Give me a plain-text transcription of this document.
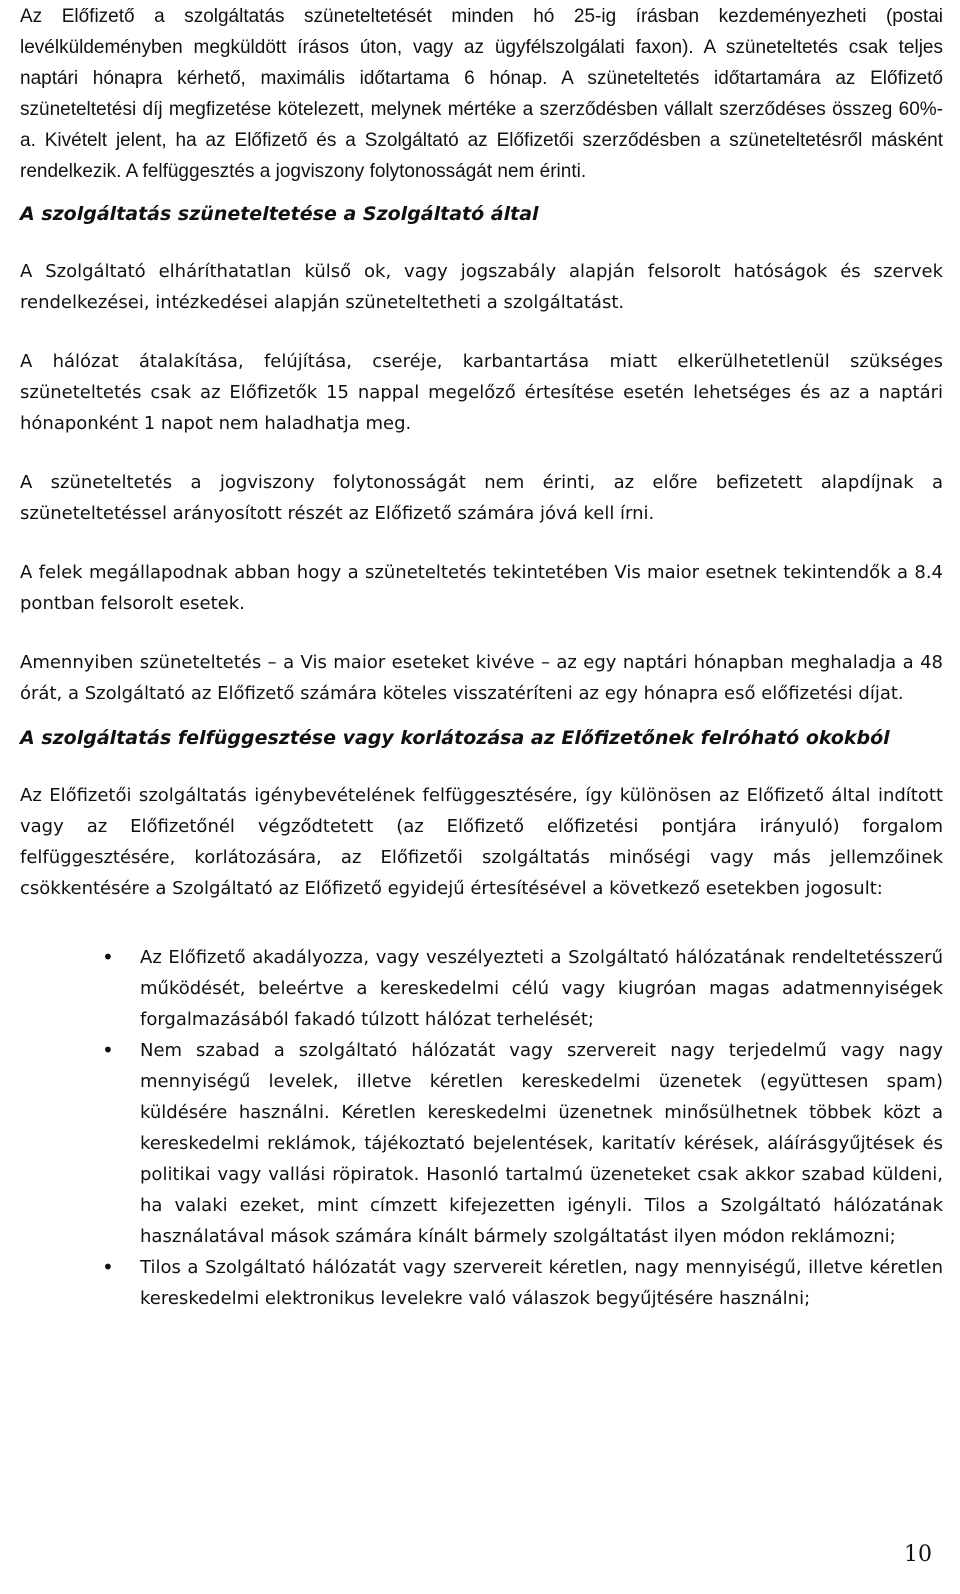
Az Előfizető a szolgáltatás szüneteltetését minden hó 25-ig írásban kezdeményezheti (postai levélküldeményben megküldött írásos úton, vagy az ügyfélszolgálati faxon). A szüneteltetés csak teljes naptári hónapra kérhető, maximális időtartama 6 hónap. A szüneteltetés időtartamára az Előfizető szüneteltetési díj megfizetése kötelezett, melynek mértéke a szerződésben vállalt szerződéses összeg 60%-a. Kivételt jelent, ha az Előfizető és a Szolgáltató az Előfizetői szerződésben a szüneteltetésről másként rendelkezik. A felfüggesztés a jogviszony folytonosságát nem érinti.

A szolgáltatás szüneteltetése a Szolgáltató által

A Szolgáltató elháríthatatlan külső ok, vagy jogszabály alapján felsorolt hatóságok és szervek rendelkezései, intézkedései alapján szüneteltetheti a szolgáltatást.

A hálózat átalakítása, felújítása, cseréje, karbantartása miatt elkerülhetetlenül szükséges szüneteltetés csak az Előfizetők 15 nappal megelőző értesítése esetén lehetséges és az a naptári hónaponként 1 napot nem haladhatja meg.

A szüneteltetés a jogviszony folytonosságát nem érinti, az előre befizetett alapdíjnak a szüneteltetéssel arányosított részét az Előfizető számára jóvá kell írni.

A felek megállapodnak abban hogy a szüneteltetés tekintetében Vis maior esetnek tekintendők a 8.4 pontban felsorolt esetek.

Amennyiben szüneteltetés – a Vis maior eseteket kivéve – az egy naptári hónapban meghaladja a 48 órát, a Szolgáltató az Előfizető számára köteles visszatéríteni az egy hónapra eső előfizetési díjat.

A szolgáltatás felfüggesztése vagy korlátozása az Előfizetőnek felróható okokból

Az Előfizetői szolgáltatás igénybevételének felfüggesztésére, így különösen az Előfizető által indított vagy az Előfizetőnél végződtetett (az Előfizető előfizetési pontjára irányuló) forgalom felfüggesztésére, korlátozására, az Előfizetői szolgáltatás minőségi vagy más jellemzőinek csökkentésére a Szolgáltató az Előfizető egyidejű értesítésével a következő esetekben jogosult:

• Az Előfizető akadályozza, vagy veszélyezteti a Szolgáltató hálózatának rendeltetésszerű működését, beleértve a kereskedelmi célú vagy kiugróan magas adatmennyiségek forgalmazásából fakadó túlzott hálózat terhelését;
• Nem szabad a szolgáltató hálózatát vagy szervereit nagy terjedelmű vagy nagy mennyiségű levelek, illetve kéretlen kereskedelmi üzenetek (együttesen spam) küldésére használni. Kéretlen kereskedelmi üzenetnek minősülhetnek többek közt a kereskedelmi reklámok, tájékoztató bejelentések, karitatív kérések, aláírásgyűjtések és politikai vagy vallási röpiratok. Hasonló tartalmú üzeneteket csak akkor szabad küldeni, ha valaki ezeket, mint címzett kifejezetten igényli. Tilos a Szolgáltató hálózatának használatával mások számára kínált bármely szolgáltatást ilyen módon reklámozni;
• Tilos a Szolgáltató hálózatát vagy szervereit kéretlen, nagy mennyiségű, illetve kéretlen kereskedelmi elektronikus levelekre való válaszok begyűjtésére használni;
10
